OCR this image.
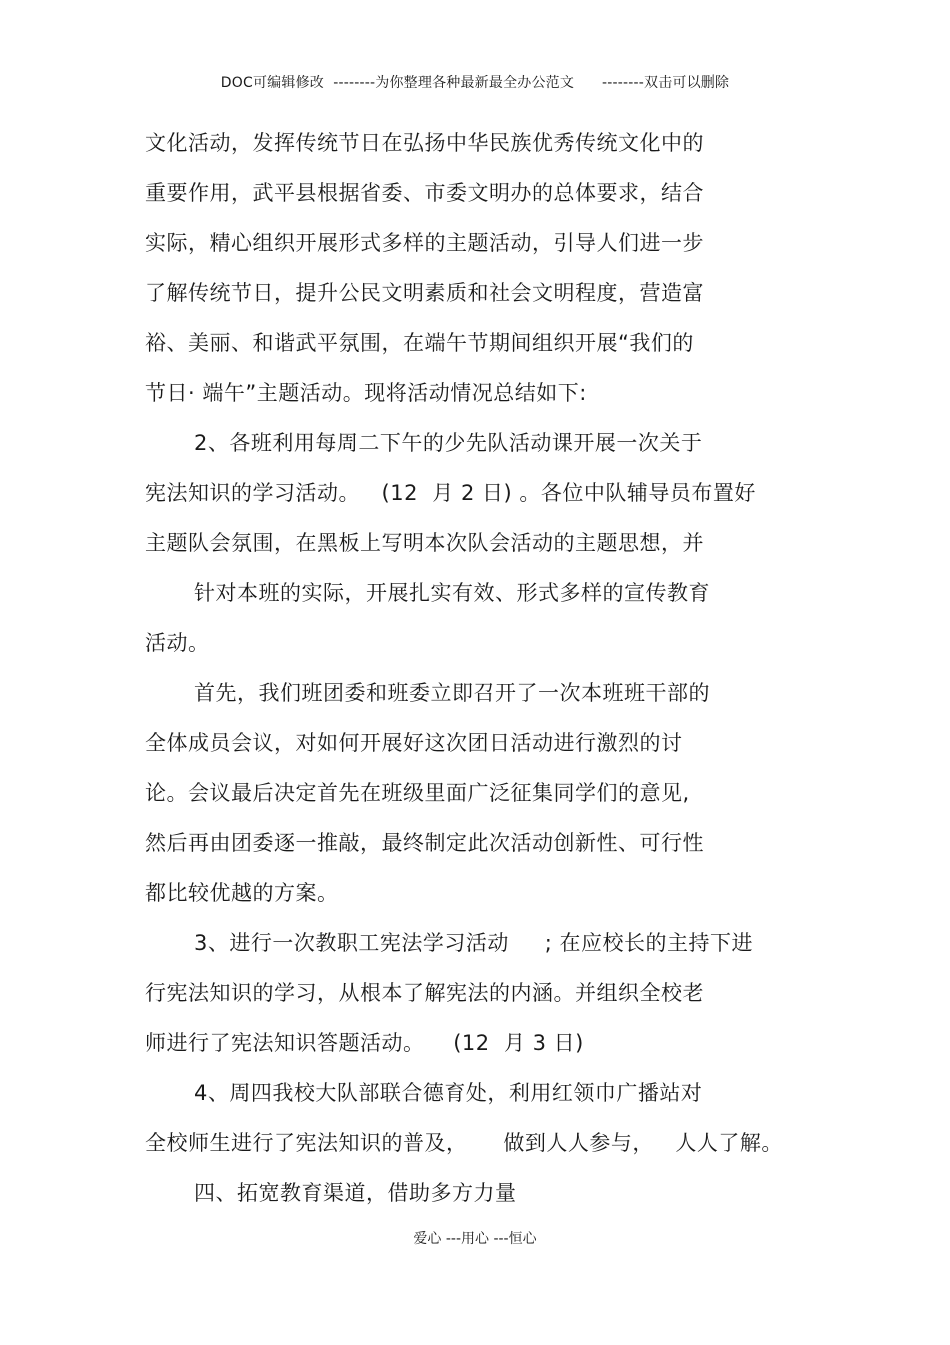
DOC可编辑修改  --------为你整理各种最新最全办公范文      --------双击可以删除
文化活动，发挥传统节日在弘扬中华民族优秀传统文化中的
重要作用，武平县根据省委、市委文明办的总体要求，结合
实际，精心组织开展形式多样的主题活动，引导人们进一步
了解传统节日，提升公民文明素质和社会文明程度，营造富
裕、美丽、和谐武平氛围，在端午节期间组织开展“我们的
节日· 端午”主题活动。现将活动情况总结如下:
2、各班利用每周二下午的少先队活动课开展一次关于
宪法知识的学习活动。   (12  月 2 日) 。各位中队辅导员布置好
主题队会氛围，在黑板上写明本次队会活动的主题思想，并
针对本班的实际，开展扎实有效、形式多样的宣传教育
活动。
首先，我们班团委和班委立即召开了一次本班班干部的
全体成员会议，对如何开展好这次团日活动进行激烈的讨
论。会议最后决定首先在班级里面广泛征集同学们的意见,
然后再由团委逐一推敲，最终制定此次活动创新性、可行性
都比较优越的方案。
3、进行一次教职工宪法学习活动     ; 在应校长的主持下进
行宪法知识的学习，从根本了解宪法的内涵。并组织全校老
师进行了宪法知识答题活动。    (12  月 3 日)
4、周四我校大队部联合德育处，利用红领巾广播站对
全校师生进行了宪法知识的普及，     做到人人参与，   人人了解。
四、拓宽教育渠道，借助多方力量
爱心 ---用心 ---恒心
